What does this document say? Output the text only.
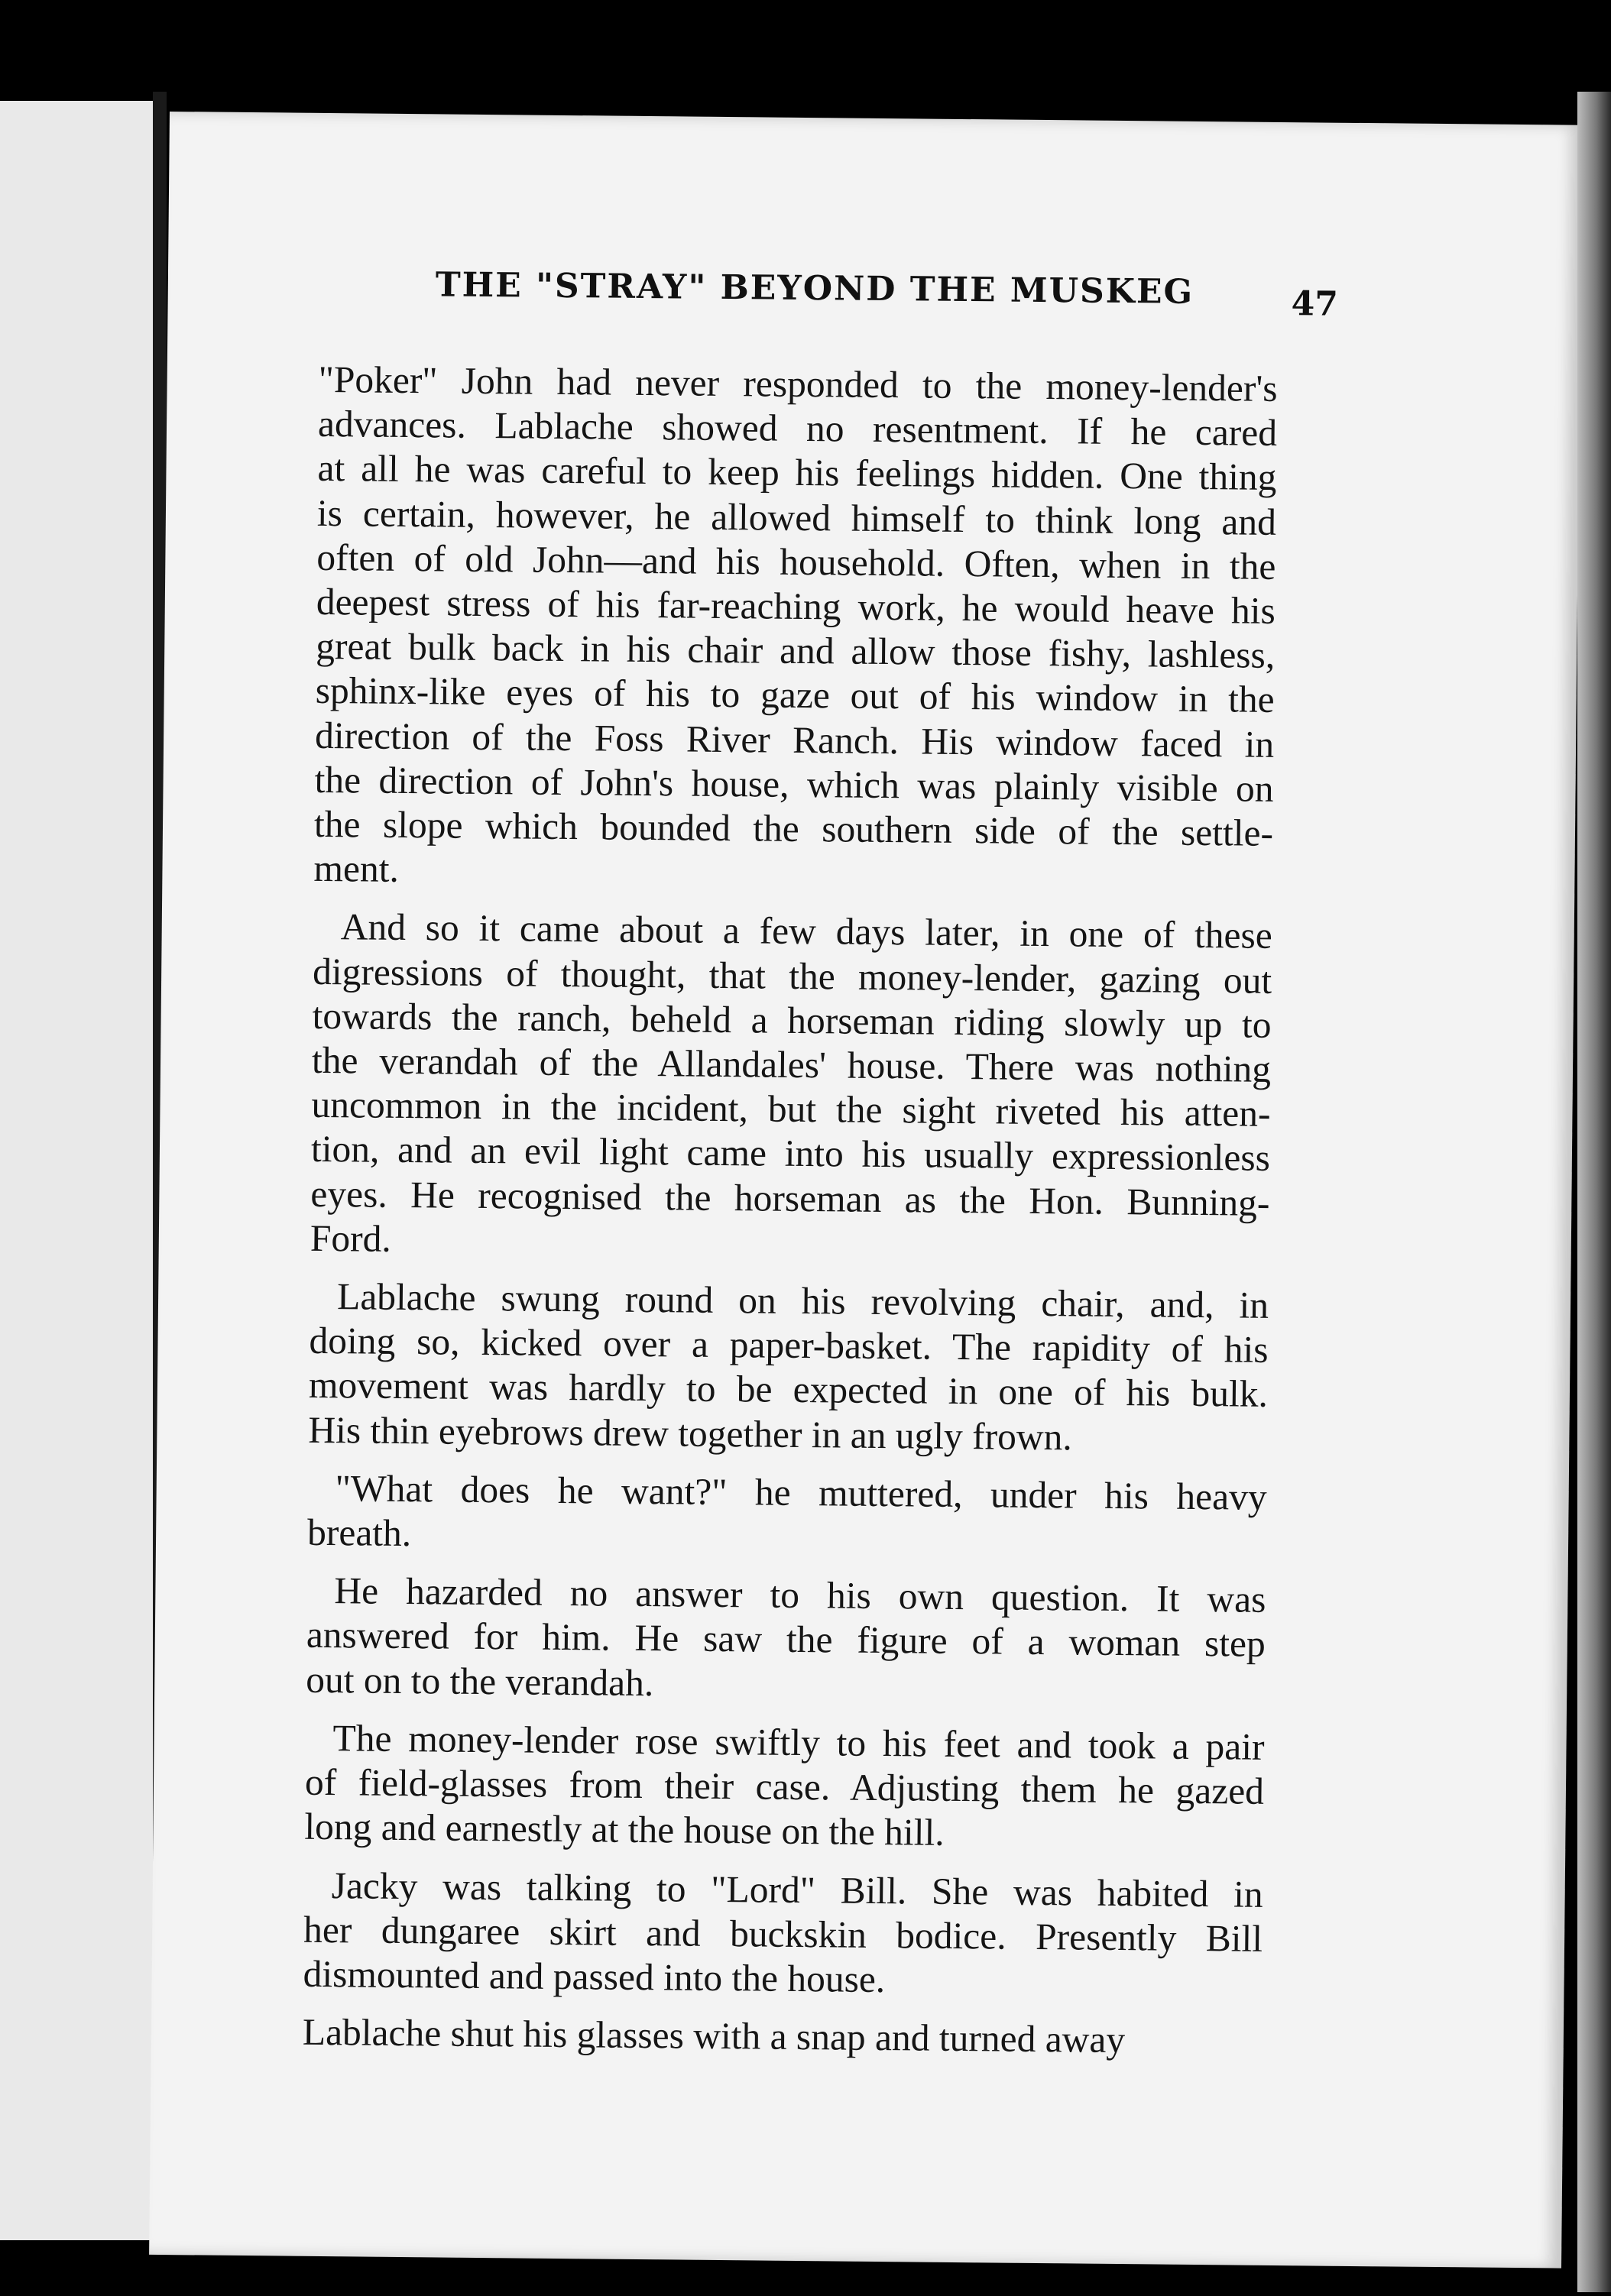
THE "STRAY" BEYOND THE MUSKEG	47
"Poker" John had never responded to the money-lender's
advances. Lablache showed no resentment. If he cared
at all he was careful to keep his feelings hidden. One thing
is certain, however, he allowed himself to think long and
often of old John—and his household. Often, when in the
deepest stress of his far-reaching work, he would heave his
great bulk back in his chair and allow those fishy, lashless,
sphinx-like eyes of his to gaze out of his window in the
direction of the Foss River Ranch. His window faced in
the direction of John's house, which was plainly visible on
the slope which bounded the southern side of the settle-
ment.
And so it came about a few days later, in one of these
digressions of thought, that the money-lender, gazing out
towards the ranch, beheld a horseman riding slowly up to
the verandah of the Allandales' house. There was nothing
uncommon in the incident, but the sight riveted his atten-
tion, and an evil light came into his usually expressionless
eyes. He recognised the horseman as the Hon. Bunning-
Ford.
Lablache swung round on his revolving chair, and, in
doing so, kicked over a paper-basket. The rapidity of his
movement was hardly to be expected in one of his bulk.
His thin eyebrows drew together in an ugly frown.
"What does he want?" he muttered, under his heavy
breath.
He hazarded no answer to his own question. It was
answered for him. He saw the figure of a woman step
out on to the verandah.
The money-lender rose swiftly to his feet and took a pair
of field-glasses from their case. Adjusting them he gazed
long and earnestly at the house on the hill.
Jacky was talking to "Lord" Bill. She was habited in
her dungaree skirt and buckskin bodice. Presently Bill
dismounted and passed into the house.
Lablache shut his glasses with a snap and turned away
